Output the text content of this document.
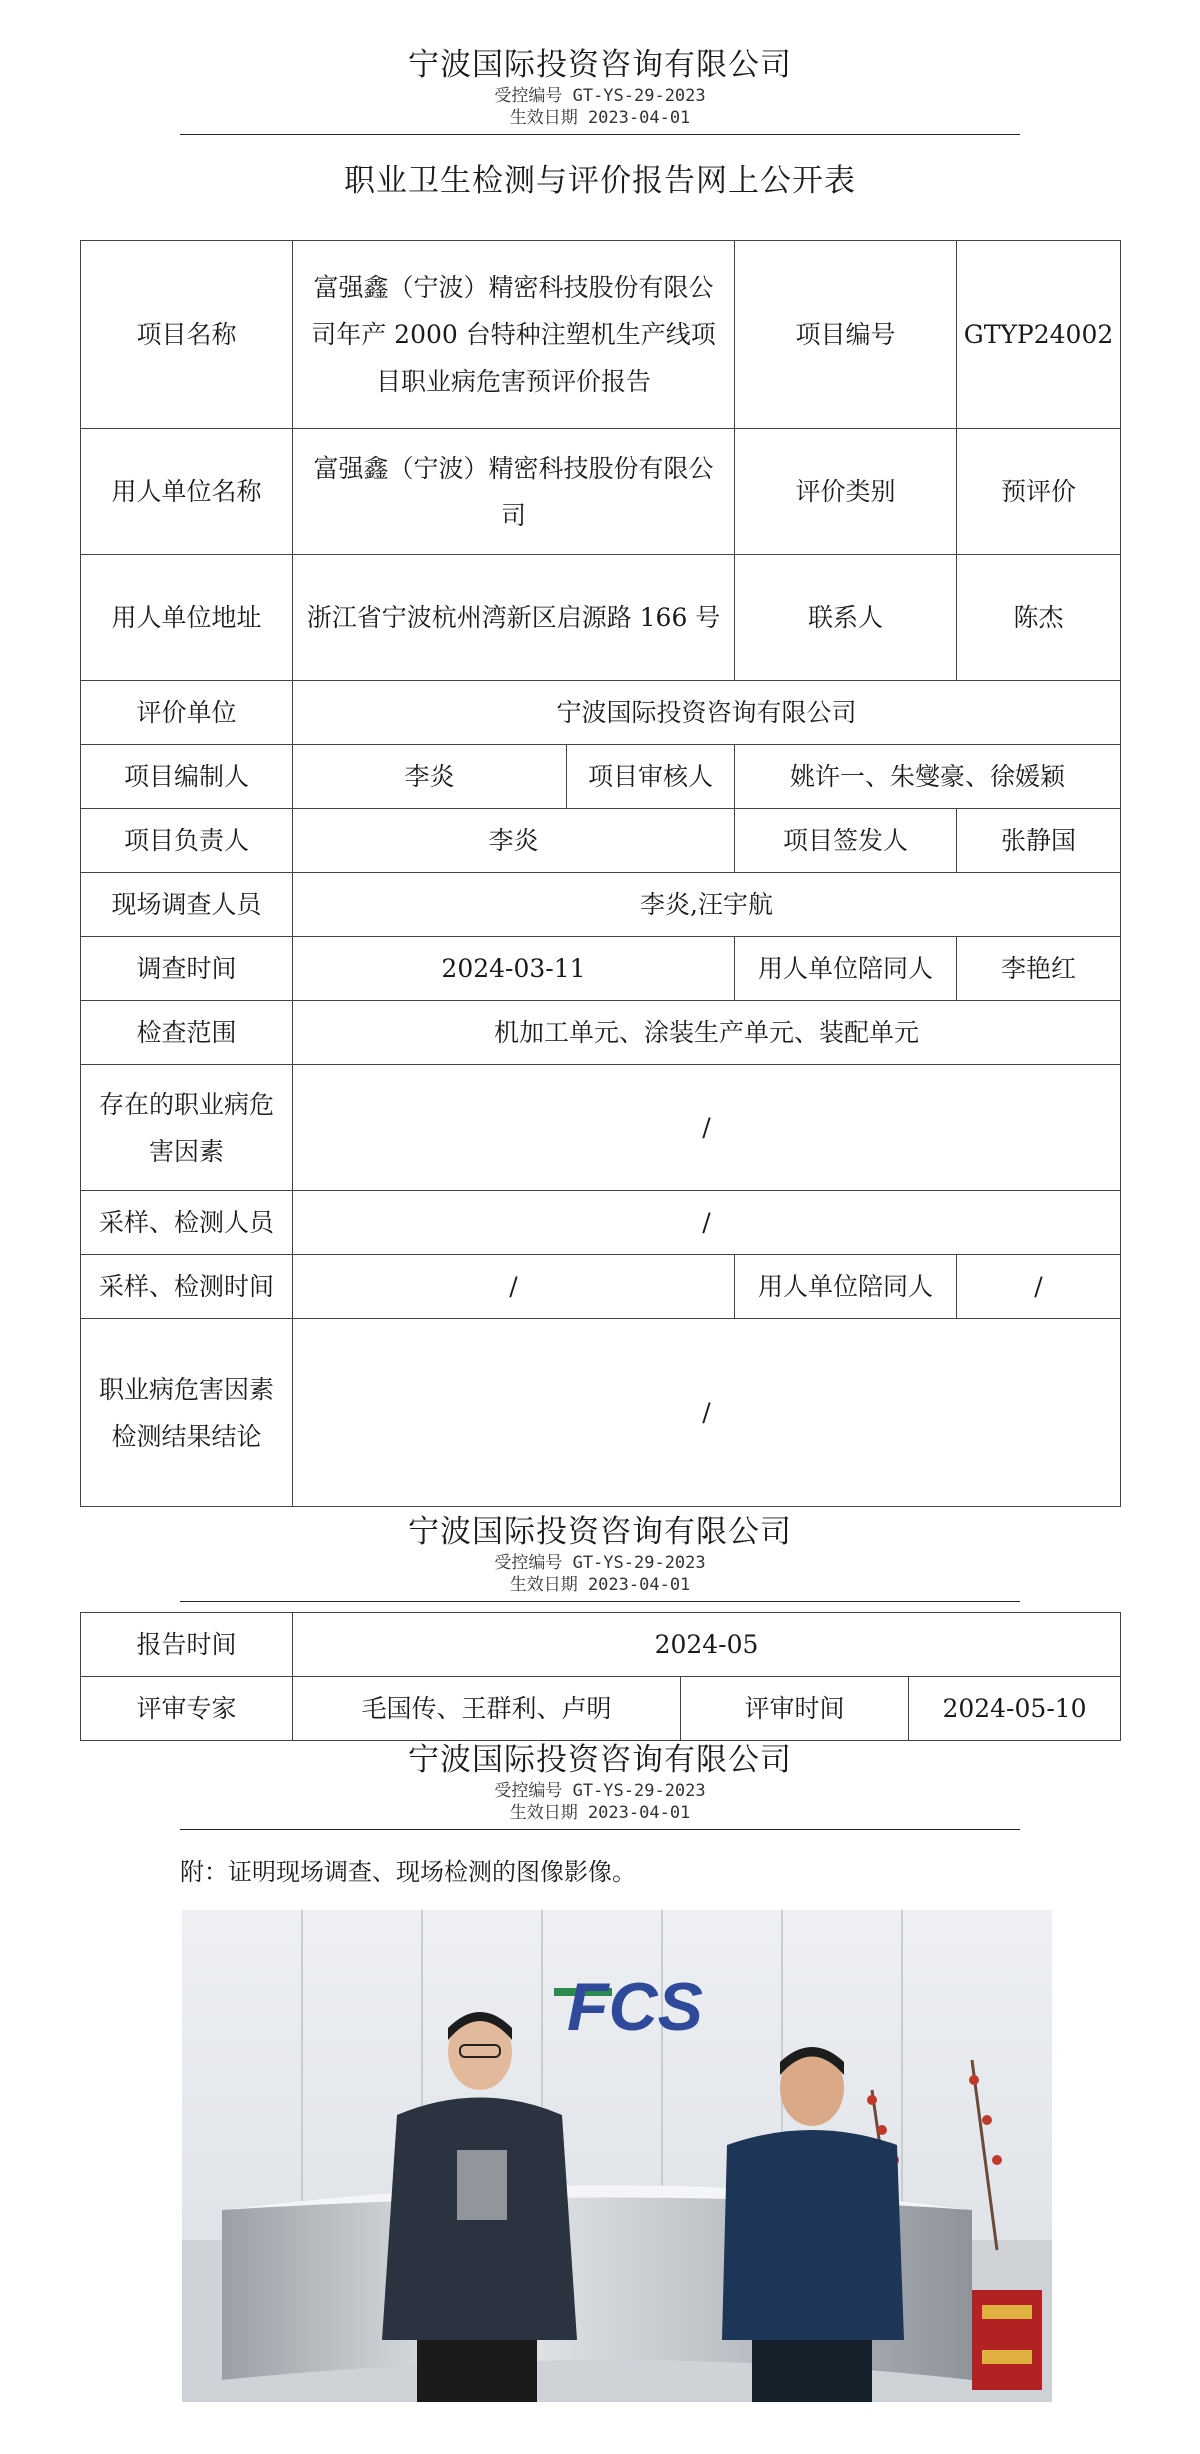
宁波国际投资咨询有限公司
受控编号 GT-YS-29-2023
生效日期 2023-04-01
职业卫生检测与评价报告网上公开表
项目名称	富强鑫（宁波）精密科技股份有限公司年产 2000 台特种注塑机生产线项目职业病危害预评价报告		项目编号	GTYP24002
用人单位名称	富强鑫（宁波）精密科技股份有限公司		评价类别	预评价
用人单位地址	浙江省宁波杭州湾新区启源路 166 号		联系人	陈杰
评价单位	宁波国际投资咨询有限公司			
项目编制人	李炎	项目审核人	姚许一、朱燮豪、徐媛颖	
项目负责人	李炎		项目签发人	张静国
现场调查人员	李炎,汪宇航			
调查时间	2024-03-11		用人单位陪同人	李艳红
检查范围	机加工单元、涂装生产单元、装配单元			
存在的职业病危害因素	/			
采样、检测人员	/			
采样、检测时间	/		用人单位陪同人	/
职业病危害因素检测结果结论	/			
宁波国际投资咨询有限公司
受控编号 GT-YS-29-2023
生效日期 2023-04-01
报告时间	2024-05		
评审专家	毛国传、王群利、卢明	评审时间	2024-05-10
宁波国际投资咨询有限公司
受控编号 GT-YS-29-2023
生效日期 2023-04-01
附：证明现场调查、现场检测的图像影像。
FCS
